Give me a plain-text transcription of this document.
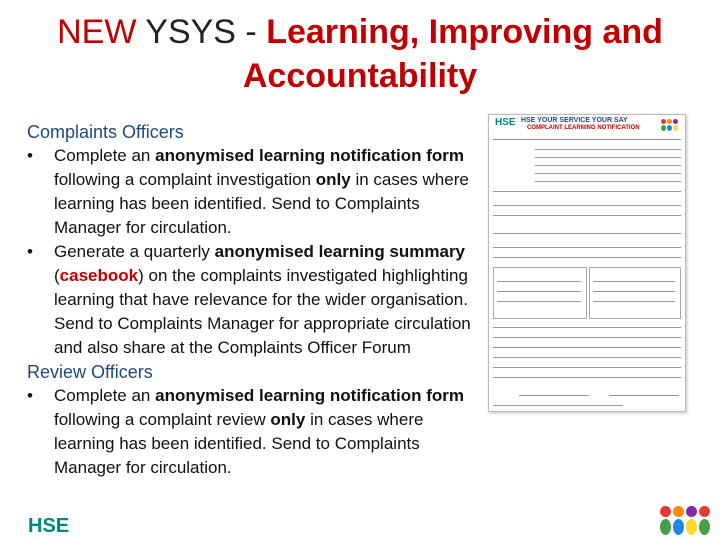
NEW YSYS - Learning, Improving and
Accountability
Complaints Officers
• Complete an anonymised learning notification form following a complaint investigation only in cases where learning has been identified. Send to Complaints Manager for circulation.
• Generate a quarterly anonymised learning summary (casebook) on the complaints investigated highlighting learning that have relevance for the wider organisation. Send to Complaints Manager for appropriate circulation and also share at the Complaints Officer Forum
Review Officers
• Complete an anonymised learning notification form following a complaint review only in cases where learning has been identified. Send to Complaints Manager for circulation.
HSE HSE YOUR SERVICE YOUR SAY
COMPLAINT LEARNING NOTIFICATION
HSE
